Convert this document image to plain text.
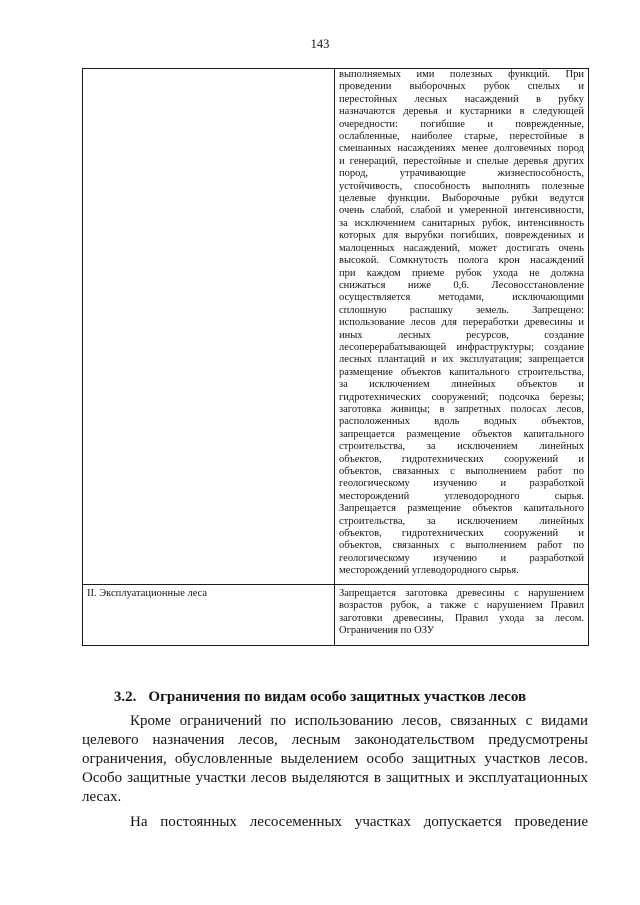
143
выполняемых ими полезных функций. При
проведении выборочных рубок спелых и
перестойных лесных насаждений в рубку
назначаются деревья и кустарники в следующей
очередности: погибшие и поврежденные,
ослабленные, наиболее старые, перестойные в
смешанных насаждениях менее долговечных пород
и генераций, перестойные и спелые деревья других
пород, утрачивающие жизнеспособность,
устойчивость, способность выполнять полезные
целевые функции. Выборочные рубки ведутся
очень слабой, слабой и умеренной интенсивности,
за исключением санитарных рубок, интенсивность
которых для вырубки погибших, поврежденных и
малоценных насаждений, может достигать очень
высокой. Сомкнутость полога крон насаждений
при каждом приеме рубок ухода не должна
снижаться ниже 0,6. Лесовосстановление
осуществляется методами, исключающими
сплошную распашку земель. Запрещено:
использование лесов для переработки древесины и
иных лесных ресурсов, создание
лесоперерабатывающей инфраструктуры; создание
лесных плантаций и их эксплуатация; запрещается
размещение объектов капитального строительства,
за исключением линейных объектов и
гидротехнических сооружений; подсочка березы;
заготовка живицы; в запретных полосах лесов,
расположенных вдоль водных объектов,
запрещается размещение объектов капитального
строительства, за исключением линейных
объектов, гидротехнических сооружений и
объектов, связанных с выполнением работ по
геологическому изучению и разработкой
месторождений углеводородного сырья.
Запрещается размещение объектов капитального
строительства, за исключением линейных
объектов, гидротехнических сооружений и
объектов, связанных с выполнением работ по
геологическому изучению и разработкой
месторождений углеводородного сырья.
II. Эксплуатационные леса	Запрещается заготовка древесины с нарушением
возрастов рубок, а также с нарушением Правил
заготовки древесины, Правил ухода за лесом.
Ограничения по ОЗУ
3.2. Ограничения по видам особо защитных участков лесов
Кроме ограничений по использованию лесов, связанных с видами
целевого назначения лесов, лесным законодательством предусмотрены
ограничения, обусловленные выделением особо защитных участков лесов.
Особо защитные участки лесов выделяются в защитных и эксплуатационных
лесах.
На постоянных лесосеменных участках допускается проведение
